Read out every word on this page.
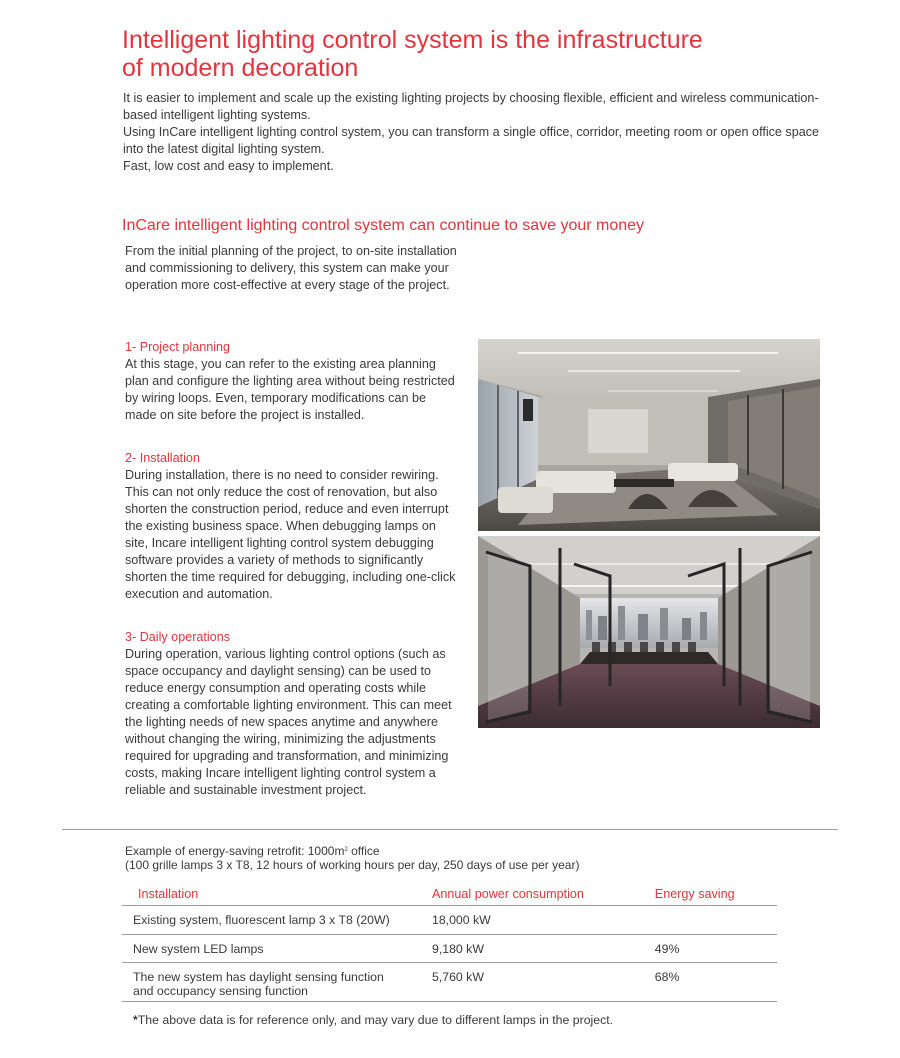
Intelligent lighting control system is the infrastructure
of modern decoration

It is easier to implement and scale up the existing lighting projects by choosing flexible, efficient and wireless communication-based intelligent lighting systems.

Using InCare intelligent lighting control system, you can transform a single office, corridor, meeting room or open office space into the latest digital lighting system.

Fast, low cost and easy to implement.

InCare intelligent lighting control system can continue to save your money

From the initial planning of the project, to on-site installation and commissioning to delivery, this system can make your operation more cost-effective at every stage of the project.

1- Project planning

At this stage, you can refer to the existing area planning plan and configure the lighting area without being restricted by wiring loops. Even, temporary modifications can be made on site before the project is installed.

2- Installation

During installation, there is no need to consider rewiring. This can not only reduce the cost of renovation, but also shorten the construction period, reduce and even interrupt the existing business space. When debugging lamps on site, Incare intelligent lighting control system debugging software provides a variety of methods to significantly shorten the time required for debugging, including one-click execution and automation.

3- Daily operations

During operation, various lighting control options (such as space occupancy and daylight sensing) can be used to reduce energy consumption and operating costs while creating a comfortable lighting environment. This can meet the lighting needs of new spaces anytime and anywhere without changing the wiring, minimizing the adjustments required for upgrading and transformation, and minimizing costs, making Incare intelligent lighting control system a reliable and sustainable investment project.

Example of energy-saving retrofit: $1000m^2$ office

(100 grille lamps 3 x T8, 12 hours of working hours per day, 250 days of use per year)

Installation	Annual power consumption	Energy saving
Existing system, fluorescent lamp 3 x T8 (20W)	18,000 kW	
New system LED lamps	9,180 kW	49%
The new system has daylight sensing function
and occupancy sensing function	5,760 kW	68%

*The above data is for reference only, and may vary due to different lamps in the project.
